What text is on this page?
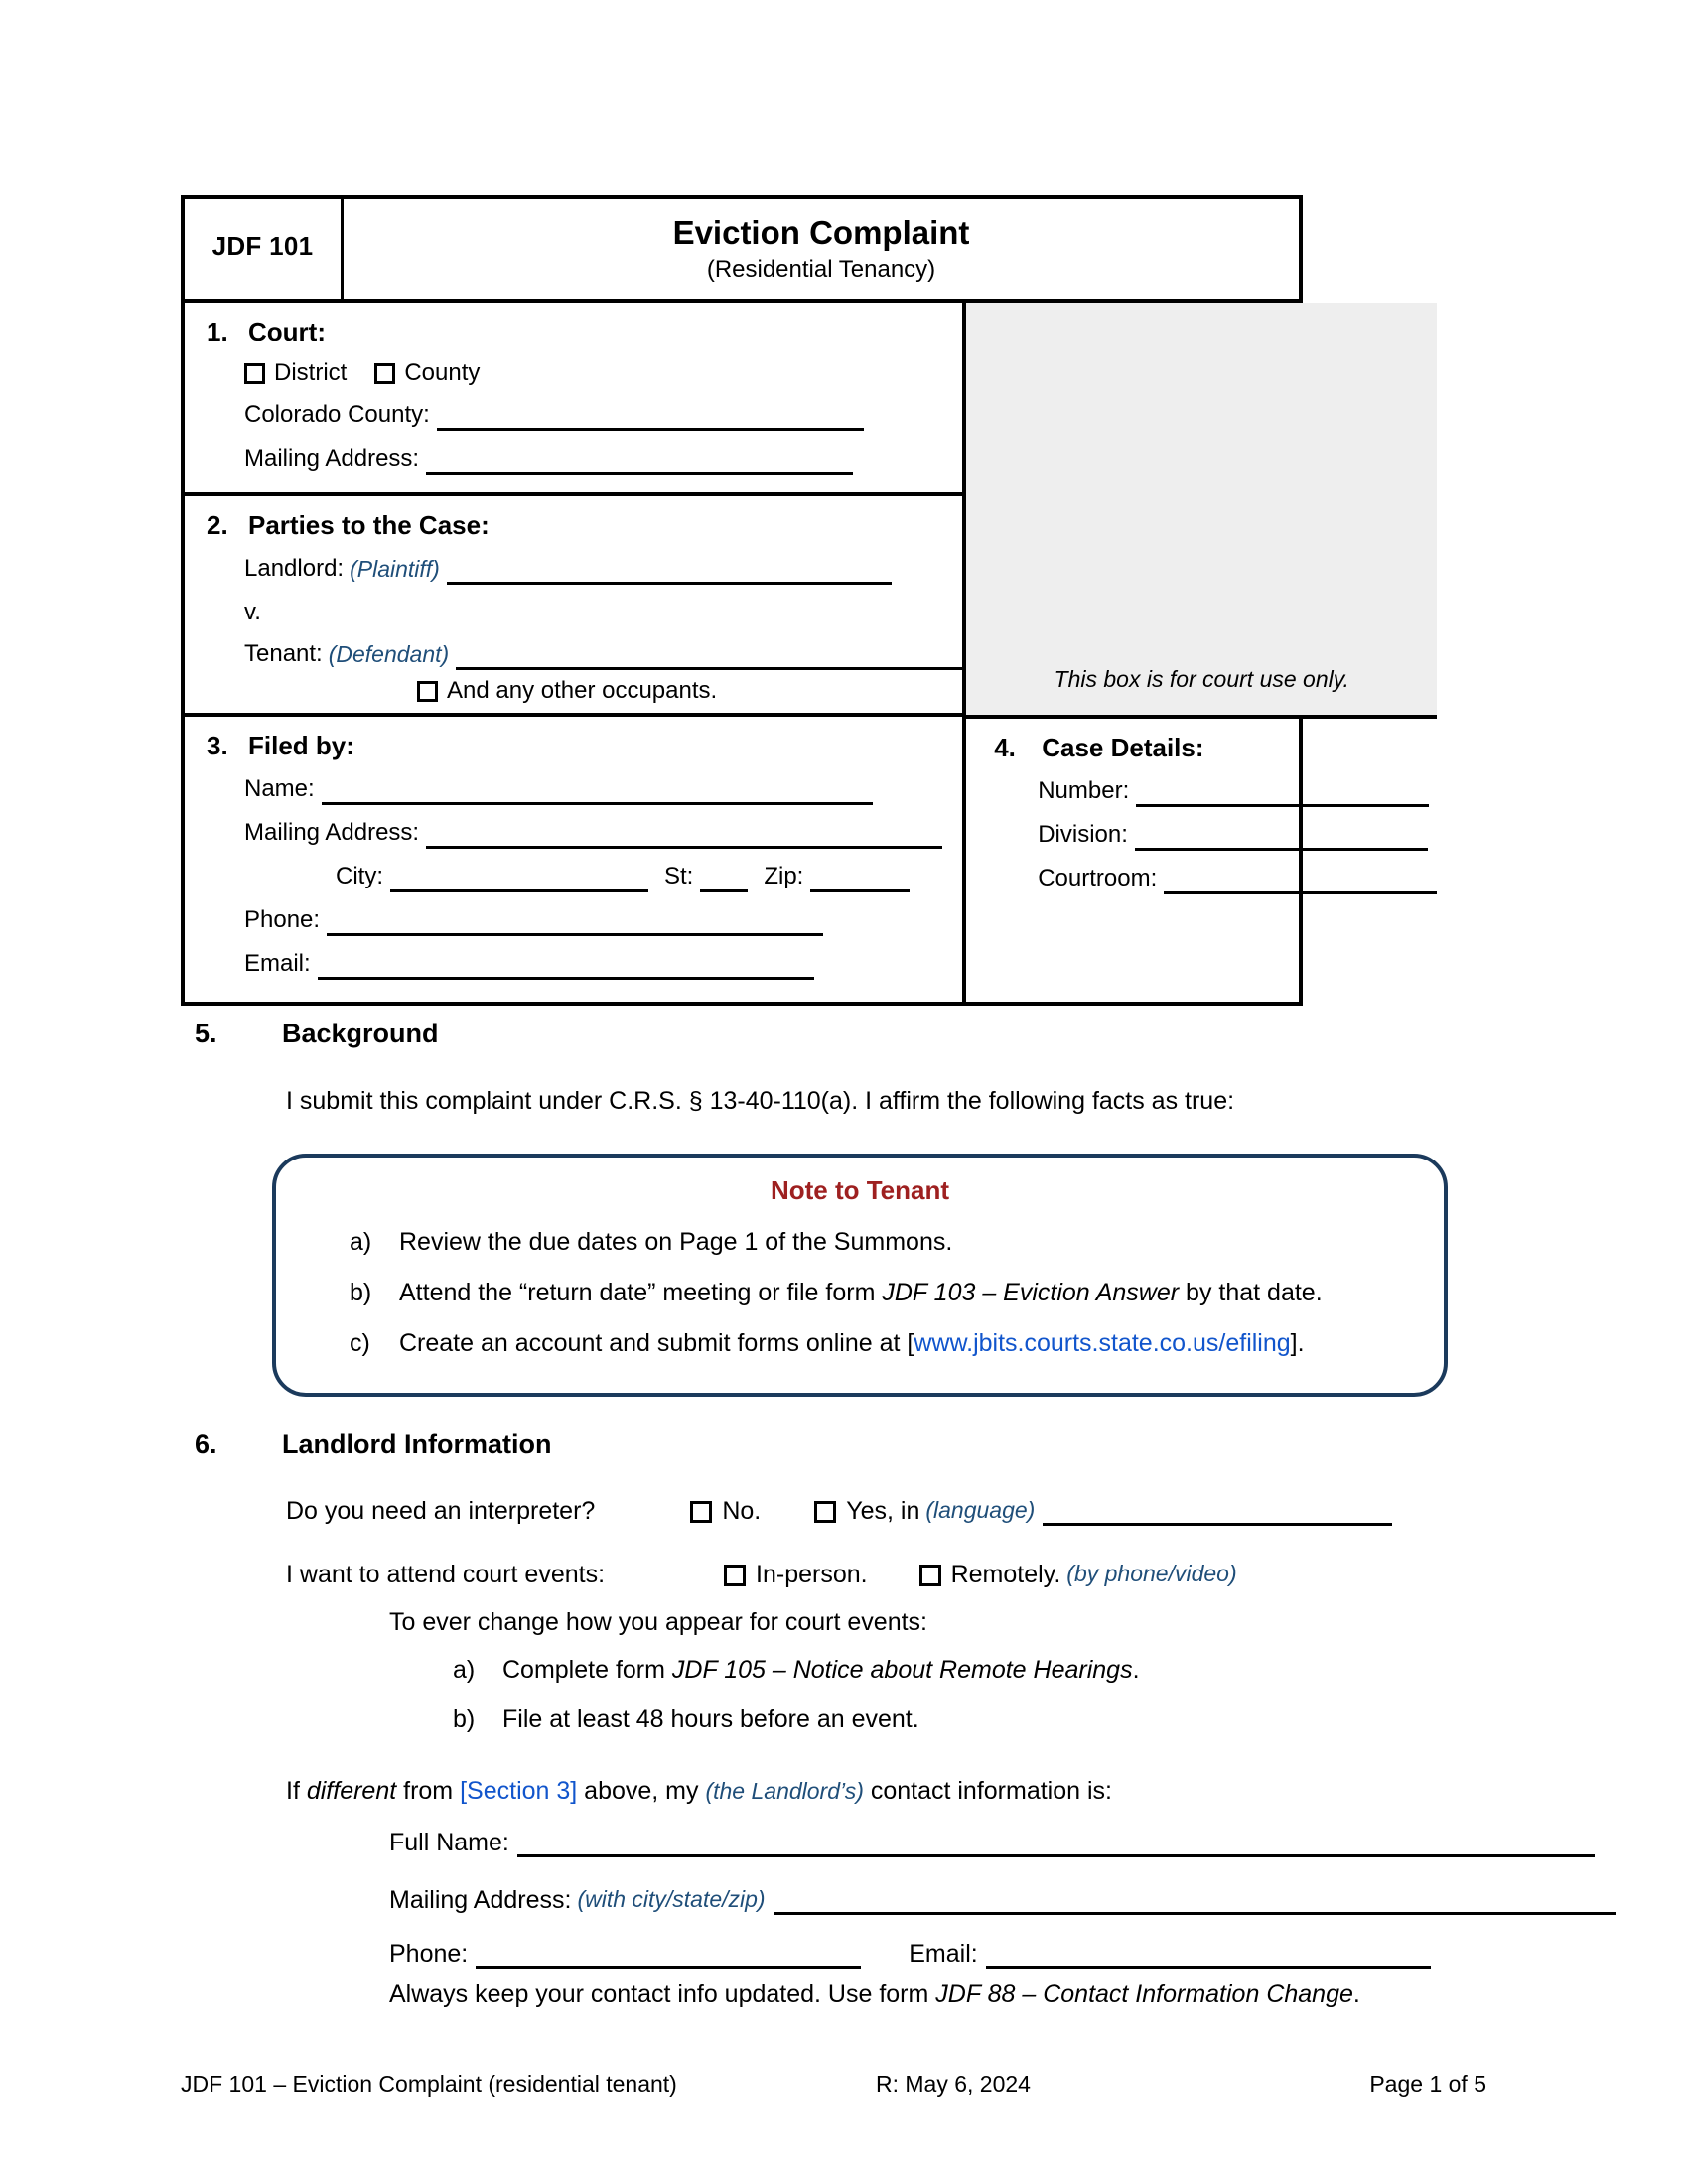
JDF 101	Eviction Complaint
(Residential Tenancy)
1. Court:
District County
Colorado County:
Mailing Address:
2. Parties to the Case:
Landlord: (Plaintiff)
v.
Tenant: (Defendant)
And any other occupants.
3. Filed by:
Name:
Mailing Address:
City:	St:	Zip:
Phone:
Email:
This box is for court use only.
4.	Case Details:
Number:
Division:
Courtroom:
5.	Background
I submit this complaint under C.R.S. § 13-40-110(a). I affirm the following facts as true:
Note to Tenant
a)	Review the due dates on Page 1 of the Summons.
b)	Attend the “return date” meeting or file form JDF 103 – Eviction Answer by that date.
c)	Create an account and submit forms online at [www.jbits.courts.state.co.us/efiling].
6.	Landlord Information
Do you need an interpreter?	No.	Yes, in (language)
I want to attend court events:	In-person.	Remotely. (by phone/video)
To ever change how you appear for court events:
a)	Complete form JDF 105 – Notice about Remote Hearings.
b)	File at least 48 hours before an event.
If different from [Section 3] above, my (the Landlord’s) contact information is:
Full Name:
Mailing Address: (with city/state/zip)
Phone:	Email:
Always keep your contact info updated. Use form JDF 88 – Contact Information Change.
JDF 101 – Eviction Complaint (residential tenant)	R: May 6, 2024	Page 1 of 5
